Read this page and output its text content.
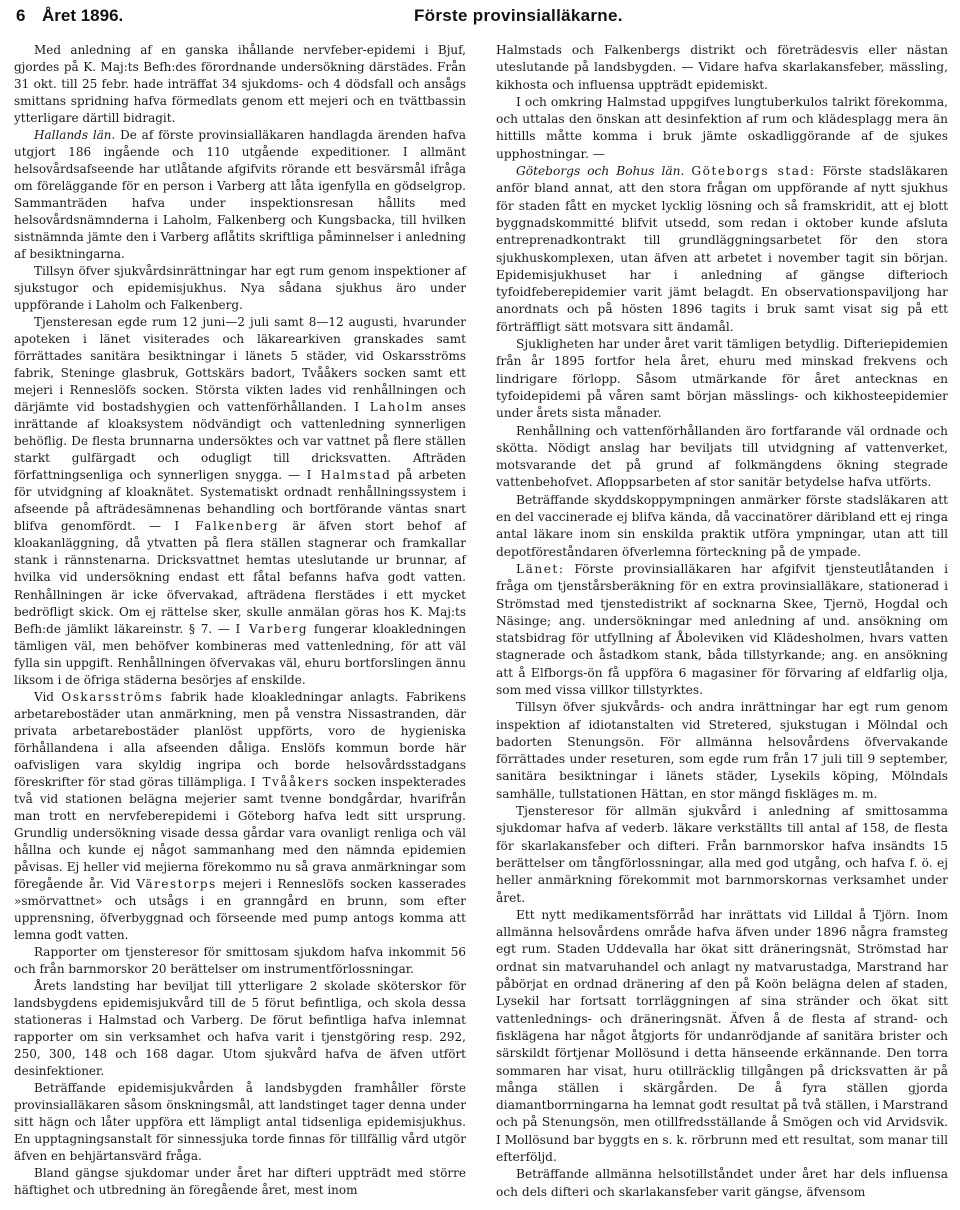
6 Året 1896.	Förste provinsialläkarne.

Med anledning af en ganska ihållande nervfeber-epidemi i Bjuf, gjordes på K. Maj:ts Befh:des förordnande undersökning därstädes. Från 31 okt. till 25 febr. hade inträffat 34 sjukdoms- och 4 dödsfall och ansågs smittans spridning hafva förmedlats genom ett mejeri och en tvättbassin ytterligare därtill bidragit.

Hallands län. De af förste provinsialläkaren handlagda ärenden hafva utgjort 186 ingående och 110 utgående expeditioner. I allmänt helsovårdsafseende har utlåtande afgifvits rörande ett besvärsmål ifråga om föreläggande för en person i Varberg att låta igenfylla en gödselgrop. Sammanträden hafva under inspektionsresan hållits med helsovårdsnämnderna i Laholm, Falkenberg och Kungsbacka, till hvilken sistnämnda jämte den i Varberg aflåtits skriftliga påminnelser i anledning af besiktningarna.

Tillsyn öfver sjukvårdsinrättningar har egt rum genom inspektioner af sjukstugor och epidemisjukhus. Nya sådana sjukhus äro under uppförande i Laholm och Falkenberg.

Tjensteresan egde rum 12 juni—2 juli samt 8—12 augusti, hvarunder apoteken i länet visiterades och läkarearkiven granskades samt förrättades sanitära besiktningar i länets 5 städer, vid Oskarsströms fabrik, Steninge glasbruk, Gottskärs badort, Tvååkers socken samt ett mejeri i Renneslöfs socken. Största vikten lades vid renhållningen och därjämte vid bostadshygien och vattenförhållanden. I Laholm anses inrättande af kloaksystem nödvändigt och vattenledning synnerligen behöflig. De flesta brunnarna undersöktes och var vattnet på flere ställen starkt gulfärgadt och odugligt till dricksvatten. Afträden författningsenliga och synnerligen snygga. — I Halmstad på arbeten för utvidgning af kloaknätet. Systematiskt ordnadt renhållningssystem i afseende på afträdesämnenas behandling och bortförande väntas snart blifva genomfördt. — I Falkenberg är äfven stort behof af kloakanläggning, då ytvatten på flera ställen stagnerar och framkallar stank i rännstenarna. Dricksvattnet hemtas uteslutande ur brunnar, af hvilka vid undersökning endast ett fåtal befanns hafva godt vatten. Renhållningen är icke öfvervakad, afträdena flerstädes i ett mycket bedröfligt skick. Om ej rättelse sker, skulle anmälan göras hos K. Maj:ts Befh:de jämlikt läkareinstr. § 7. — I Varberg fungerar kloakledningen tämligen väl, men behöfver kombineras med vattenledning, för att väl fylla sin uppgift. Renhållningen öfvervakas väl, ehuru bortforslingen ännu liksom i de öfriga städerna besörjes af enskilde.

Vid Oskarsströms fabrik hade kloakledningar anlagts. Fabrikens arbetarebostäder utan anmärkning, men på venstra Nissastranden, där privata arbetarebostäder planlöst uppförts, voro de hygieniska förhållandena i alla afseenden dåliga. Enslöfs kommun borde här oafvisligen vara skyldig ingripa och borde helsovårdsstadgans föreskrifter för stad göras tillämpliga. I Tvååkers socken inspekterades två vid stationen belägna mejerier samt tvenne bondgårdar, hvarifrån man trott en nervfeberepidemi i Göteborg hafva ledt sitt ursprung. Grundlig undersökning visade dessa gårdar vara ovanligt renliga och väl hållna och kunde ej något sammanhang med den nämnda epidemien påvisas. Ej heller vid mejierna förekommo nu så grava anmärkningar som föregående år. Vid Värestorps mejeri i Renneslöfs socken kasserades »smörvattnet» och utsågs i en granngård en brunn, som efter upprensning, öfverbyggnad och förseende med pump antogs komma att lemna godt vatten.

Rapporter om tjensteresor för smittosam sjukdom hafva inkommit 56 och från barnmorskor 20 berättelser om instrumentförlossningar.

Årets landsting har beviljat till ytterligare 2 skolade sköterskor för landsbygdens epidemisjukvård till de 5 förut befintliga, och skola dessa stationeras i Halmstad och Varberg. De förut befintliga hafva inlemnat rapporter om sin verksamhet och hafva varit i tjenstgöring resp. 292, 250, 300, 148 och 168 dagar. Utom sjukvård hafva de äfven utfört desinfektioner.

Beträffande epidemisjukvården å landsbygden framhåller förste provinsialläkaren såsom önskningsmål, att landstinget tager denna under sitt hägn och låter uppföra ett lämpligt antal tidsenliga epidemisjukhus. En upptagningsanstalt för sinnessjuka torde finnas för tillfällig vård utgör äfven en behjärtansvärd fråga.

Bland gängse sjukdomar under året har difteri uppträdt med större häftighet och utbredning än föregående året, mest inom

Halmstads och Falkenbergs distrikt och företrädesvis eller nästan uteslutande på landsbygden. — Vidare hafva skarlakansfeber, mässling, kikhosta och influensa uppträdt epidemiskt.

I och omkring Halmstad uppgifves lungtuberkulos talrikt förekomma, och uttalas den önskan att desinfektion af rum och klädesplagg mera än hittills måtte komma i bruk jämte oskadliggörande af de sjukes upphostningar. —

Göteborgs och Bohus län. Göteborgs stad: Förste stadsläkaren anför bland annat, att den stora frågan om uppförande af nytt sjukhus för staden fått en mycket lycklig lösning och så framskridit, att ej blott byggnadskommitté blifvit utsedd, som redan i oktober kunde afsluta entreprenadkontrakt till grundläggningsarbetet för den stora sjukhuskomplexen, utan äfven att arbetet i november tagit sin början. Epidemisjukhuset har i anledning af gängse difterioch tyfoidfeberepidemier varit jämt belagdt. En observationspaviljong har anordnats och på hösten 1896 tagits i bruk samt visat sig på ett förträffligt sätt motsvara sitt ändamål.

Sjukligheten har under året varit tämligen betydlig. Difteriepidemien från år 1895 fortfor hela året, ehuru med minskad frekvens och lindrigare förlopp. Såsom utmärkande för året antecknas en tyfoidepidemi på våren samt början mässlings- och kikhosteepidemier under årets sista månader.

Renhållning och vattenförhållanden äro fortfarande väl ordnade och skötta. Nödigt anslag har beviljats till utvidgning af vattenverket, motsvarande det på grund af folkmängdens ökning stegrade vattenbehofvet. Afloppsarbeten af stor sanitär betydelse hafva utförts.

Beträffande skyddskoppympningen anmärker förste stadsläkaren att en del vaccinerade ej blifva kända, då vaccinatörer däribland ett ej ringa antal läkare inom sin enskilda praktik utföra ympningar, utan att till depotföreståndaren öfverlemna förteckning på de ympade.

Länet: Förste provinsialläkaren har afgifvit tjensteutlåtanden i fråga om tjenstårsberäkning för en extra provinsialläkare, stationerad i Strömstad med tjenstedistrikt af socknarna Skee, Tjernö, Hogdal och Näsinge; ang. undersökningar med anledning af und. ansökning om statsbidrag för utfyllning af Åboleviken vid Klädesholmen, hvars vatten stagnerade och åstadkom stank, båda tillstyrkande; ang. en ansökning att å Elfborgs-ön få uppföra 6 magasiner för förvaring af eldfarlig olja, som med vissa villkor tillstyrktes.

Tillsyn öfver sjukvårds- och andra inrättningar har egt rum genom inspektion af idiotanstalten vid Stretered, sjukstugan i Mölndal och badorten Stenungsön. För allmänna helsovårdens öfvervakande förrättades under reseturen, som egde rum från 17 juli till 9 september, sanitära besiktningar i länets städer, Lysekils köping, Mölndals samhälle, tullstationen Hättan, en stor mängd fiskläges m. m.

Tjensteresor för allmän sjukvård i anledning af smittosamma sjukdomar hafva af vederb. läkare verkställts till antal af 158, de flesta för skarlakansfeber och difteri. Från barnmorskor hafva insändts 15 berättelser om tångförlossningar, alla med god utgång, och hafva f. ö. ej heller anmärkning förekommit mot barnmorskornas verksamhet under året.

Ett nytt medikamentsförråd har inrättats vid Lilldal å Tjörn. Inom allmänna helsovårdens område hafva äfven under 1896 några framsteg egt rum. Staden Uddevalla har ökat sitt dräneringsnät, Strömstad har ordnat sin matvaruhandel och anlagt ny matvarustadga, Marstrand har påbörjat en ordnad dränering af den på Koön belägna delen af staden, Lysekil har fortsatt torrläggningen af sina stränder och ökat sitt vattenlednings- och dräneringsnät. Äfven å de flesta af strand- och fisklägena har något åtgjorts för undanrödjande af sanitära brister och särskildt förtjenar Mollösund i detta hänseende erkännande. Den torra sommaren har visat, huru otillräcklig tillgången på dricksvatten är på många ställen i skärgården. De å fyra ställen gjorda diamantborrningarna ha lemnat godt resultat på två ställen, i Marstrand och på Stenungsön, men otillfredsställande å Smögen och vid Arvidsvik. I Mollösund bar byggts en s. k. rörbrunn med ett resultat, som manar till efterföljd.

Beträffande allmänna helsotillståndet under året har dels influensa och dels difteri och skarlakansfeber varit gängse, äfvensom
